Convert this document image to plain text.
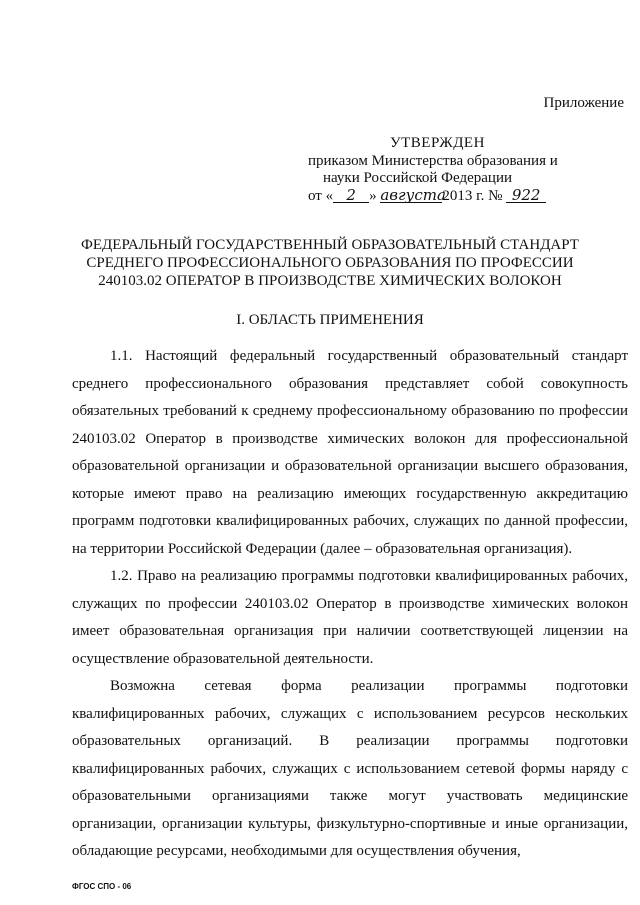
Приложение
УТВЕРЖДЕН
приказом Министерства образования и
науки Российской Федерации
от « 2 » августа2013 г. № 922
ФЕДЕРАЛЬНЫЙ ГОСУДАРСТВЕННЫЙ ОБРАЗОВАТЕЛЬНЫЙ СТАНДАРТ
СРЕДНЕГО ПРОФЕССИОНАЛЬНОГО ОБРАЗОВАНИЯ ПО ПРОФЕССИИ
240103.02 ОПЕРАТОР В ПРОИЗВОДСТВЕ ХИМИЧЕСКИХ ВОЛОКОН
I. ОБЛАСТЬ ПРИМЕНЕНИЯ

1.1. Настоящий федеральный государственный образовательный стандарт среднего профессионального образования представляет собой совокупность обязательных требований к среднему профессиональному образованию по профессии 240103.02 Оператор в производстве химических волокон для профессиональной образовательной организации и образовательной организации высшего образования, которые имеют право на реализацию имеющих государственную аккредитацию программ подготовки квалифицированных рабочих, служащих по данной профессии, на территории Российской Федерации (далее – образовательная организация).

1.2. Право на реализацию программы подготовки квалифицированных рабочих, служащих по профессии 240103.02 Оператор в производстве химических волокон имеет образовательная организация при наличии соответствующей лицензии на осуществление образовательной деятельности.

Возможна сетевая форма реализации программы подготовки квалифицированных рабочих, служащих с использованием ресурсов нескольких образовательных организаций. В реализации программы подготовки квалифицированных рабочих, служащих с использованием сетевой формы наряду с образовательными организациями также могут участвовать медицинские организации, организации культуры, физкультурно-спортивные и иные организации, обладающие ресурсами, необходимыми для осуществления обучения,

ФГОС СПО - 06
